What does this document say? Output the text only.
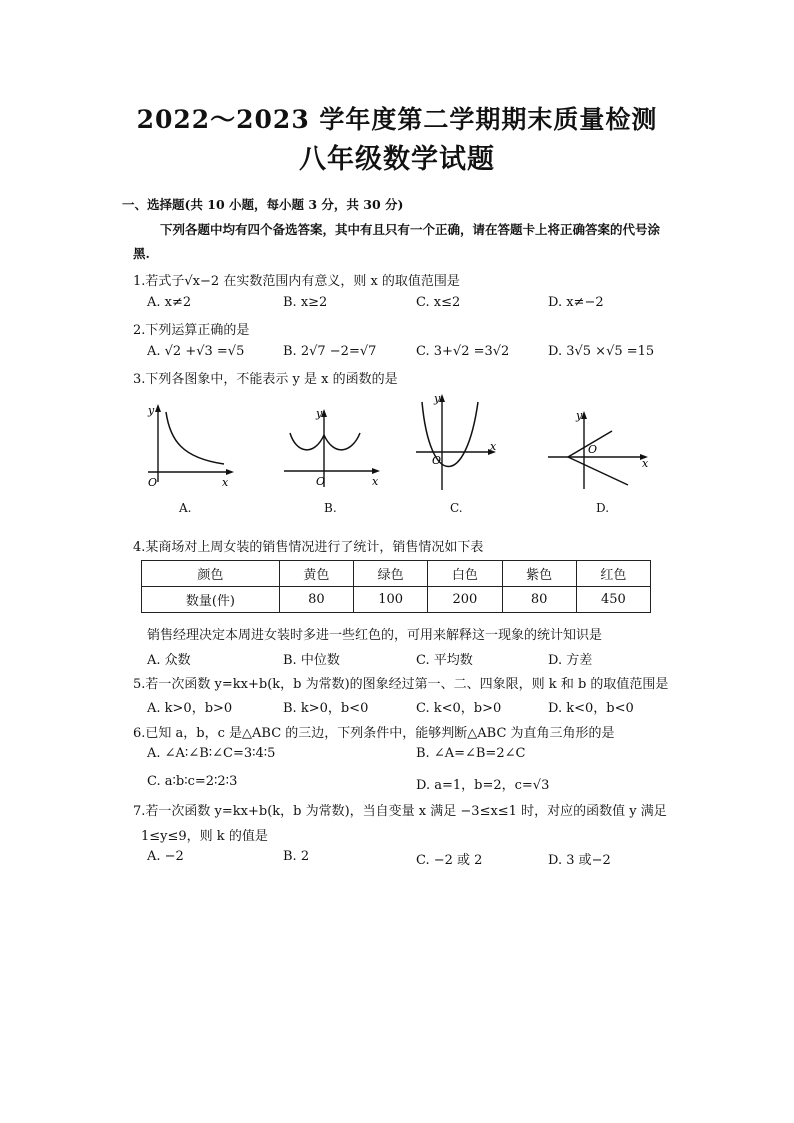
2022～2023 学年度第二学期期末质量检测
八年级数学试题
一、选择题(共 10 小题，每小题 3 分，共 30 分)
下列各题中均有四个备选答案，其中有且只有一个正确，请在答题卡上将正确答案的代号涂
黑.
1.若式子√x−2 在实数范围内有意义，则 x 的取值范围是
A. x≠2	B. x≥2	C. x≤2	D. x≠−2
2.下列运算正确的是
A. √2 +√3 =√5	B. 2√7 −2=√7	C. 3+√2 =3√2	D. 3√5 ×√5 =15
3.下列各图象中，不能表示 y 是 x 的函数的是
y
O	x
A.
y
O	x
B.
y
O
x
C.
y
O
x
D.
4.某商场对上周女装的销售情况进行了统计，销售情况如下表
颜色	黄色	绿色	白色	紫色	红色
数量(件)	80	100	200	80	450
销售经理决定本周进女装时多进一些红色的，可用来解释这一现象的统计知识是
A. 众数	B. 中位数	C. 平均数	D. 方差
5.若一次函数 y=kx+b(k，b 为常数)的图象经过第一、二、四象限，则 k 和 b 的取值范围是
A. k>0，b>0	B. k>0，b<0	C. k<0，b>0	D. k<0，b<0
6.已知 a，b，c 是△ABC 的三边，下列条件中，能够判断△ABC 为直角三角形的是
A. ∠A∶∠B∶∠C=3∶4∶5	B. ∠A=∠B=2∠C
C. a∶b∶c=2∶2∶3	D. a=1，b=2，c=√3
7.若一次函数 y=kx+b(k，b 为常数)，当自变量 x 满足 −3≤x≤1 时，对应的函数值 y 满足
1≤y≤9，则 k 的值是
A. −2	B. 2	C. −2 或 2	D. 3 或−2
